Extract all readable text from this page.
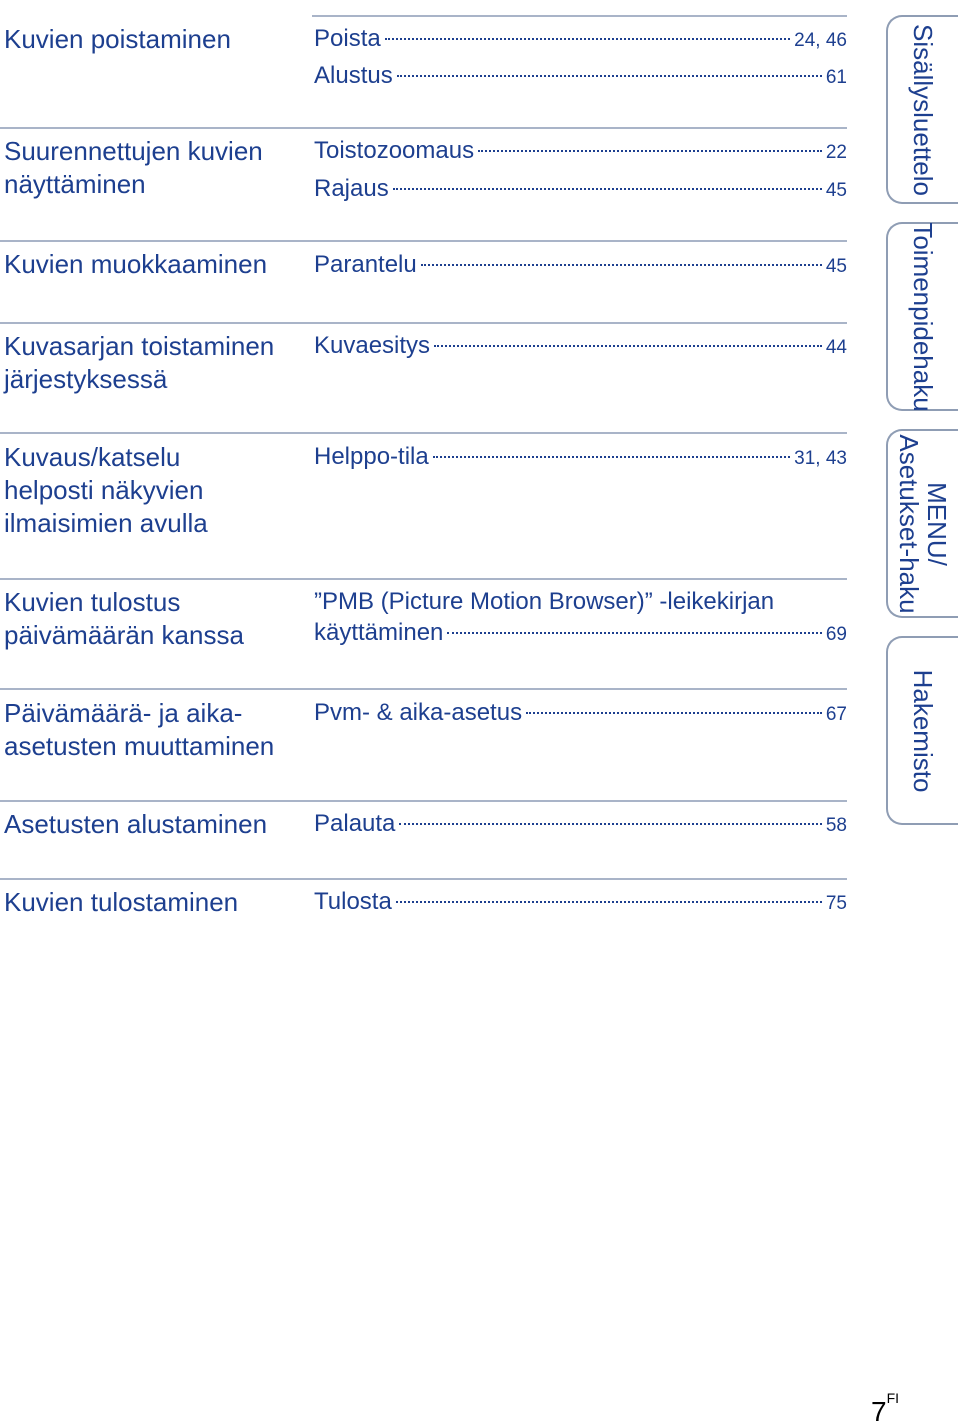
Kuvien poistaminen	Poista	24, 46
Alustus	61
Suurennettujen kuvien
näyttäminen
Toistozoomaus	22
Rajaus	45
Kuvien muokkaaminen	Parantelu	45
Kuvasarjan toistaminen
järjestyksessä
Kuvaesitys	44
Kuvaus/katselu
helposti näkyvien
ilmaisimien avulla
Helppo-tila	31, 43
Kuvien tulostus
päivämäärän kanssa
”PMB (Picture Motion Browser)” -leikekirjan
käyttäminen	69
Päivämäärä- ja aika-
asetusten muuttaminen
Pvm- & aika-asetus	67
Asetusten alustaminen	Palauta	58
Kuvien tulostaminen	Tulosta	75
Sisällysluettelo
Toimenpidehaku
MENU/
Asetukset-haku
Hakemisto
$7^{FI}$
